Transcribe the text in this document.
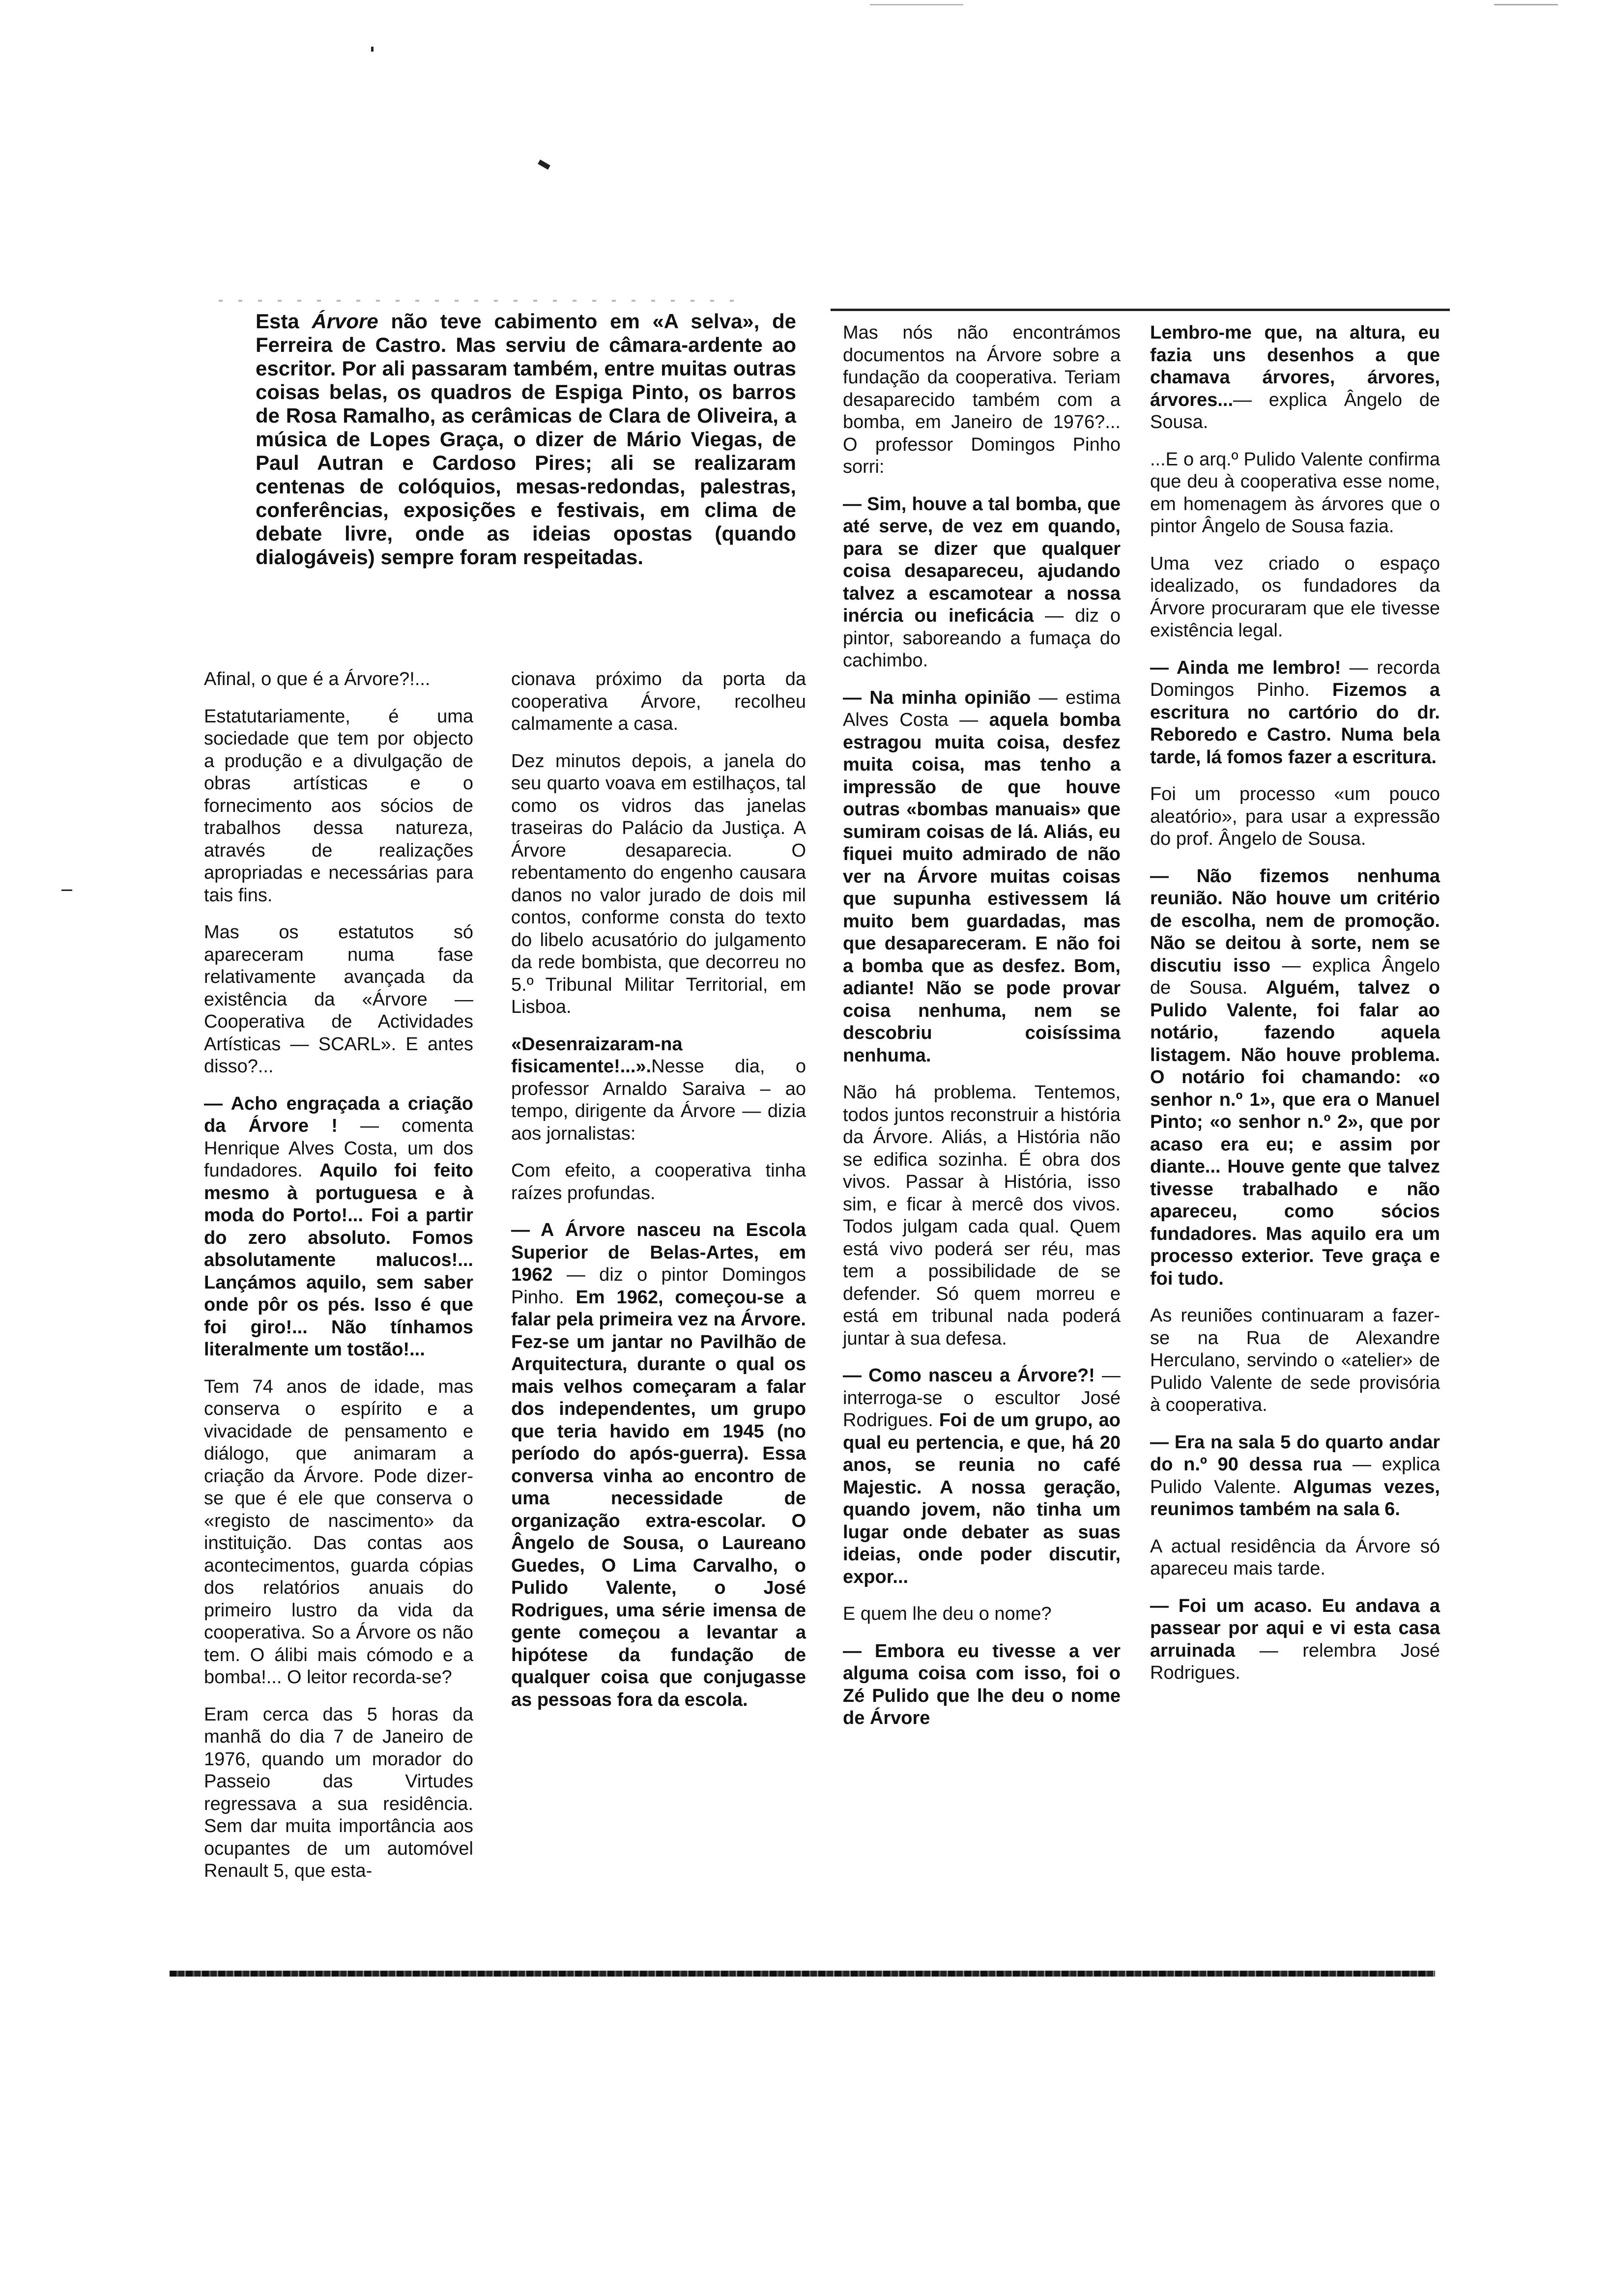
Esta Árvore não teve cabimento em «A selva», de Ferreira de Castro. Mas serviu de câmara-ardente ao escritor. Por ali passaram também, entre muitas outras coisas belas, os quadros de Espiga Pinto, os barros de Rosa Ramalho, as cerâmicas de Clara de Oliveira, a música de Lopes Graça, o dizer de Mário Viegas, de Paul Autran e Cardoso Pires; ali se realizaram centenas de colóquios, mesas-redondas, palestras, conferências, exposições e festivais, em clima de debate livre, onde as ideias opostas (quando dialogáveis) sempre foram respeitadas.

Afinal, o que é a Árvore?!...

Estatutariamente, é uma sociedade que tem por objecto a produção e a divulgação de obras artísticas e o fornecimento aos sócios de trabalhos dessa natureza, através de realizações apropriadas e necessárias para tais fins.

Mas os estatutos só apareceram numa fase relativamente avançada da existência da «Árvore — Cooperativa de Actividades Artísticas — SCARL». E antes disso?...

— Acho engraçada a criação da Árvore ! — comenta Henrique Alves Costa, um dos fundadores. Aquilo foi feito mesmo à portuguesa e à moda do Porto!... Foi a partir do zero absoluto. Fomos absolutamente malucos!... Lançámos aquilo, sem saber onde pôr os pés. Isso é que foi giro!... Não tínhamos literalmente um tostão!...

Tem 74 anos de idade, mas conserva o espírito e a vivacidade de pensamento e diálogo, que animaram a criação da Árvore. Pode dizer-se que é ele que conserva o «registo de nascimento» da instituição. Das contas aos acontecimentos, guarda cópias dos relatórios anuais do primeiro lustro da vida da cooperativa. So a Árvore os não tem. O álibi mais cómodo e a bomba!... O leitor recorda-se?

Eram cerca das 5 horas da manhã do dia 7 de Janeiro de 1976, quando um morador do Passeio das Virtudes regressava a sua residência. Sem dar muita importância aos ocupantes de um automóvel Renault 5, que esta-

cionava próximo da porta da cooperativa Árvore, recolheu calmamente a casa.

Dez minutos depois, a janela do seu quarto voava em estilhaços, tal como os vidros das janelas traseiras do Palácio da Justiça. A Árvore desaparecia. O rebentamento do engenho causara danos no valor jurado de dois mil contos, conforme consta do texto do libelo acusatório do julgamento da rede bombista, que decorreu no 5.º Tribunal Militar Territorial, em Lisboa.

«Desenraizaram-na fisicamente!...».Nesse dia, o professor Arnaldo Saraiva – ao tempo, dirigente da Árvore — dizia aos jornalistas:

Com efeito, a cooperativa tinha raízes profundas.

— A Árvore nasceu na Escola Superior de Belas-Artes, em 1962 — diz o pintor Domingos Pinho. Em 1962, começou-se a falar pela primeira vez na Árvore. Fez-se um jantar no Pavilhão de Arquitectura, durante o qual os mais velhos começaram a falar dos independentes, um grupo que teria havido em 1945 (no período do após-guerra). Essa conversa vinha ao encontro de uma necessidade de organização extra-escolar. O Ângelo de Sousa, o Laureano Guedes, O Lima Carvalho, o Pulido Valente, o José Rodrigues, uma série imensa de gente começou a levantar a hipótese da fundação de qualquer coisa que conjugasse as pessoas fora da escola.

Mas nós não encontrámos documentos na Árvore sobre a fundação da cooperativa. Teriam desaparecido também com a bomba, em Janeiro de 1976?... O professor Domingos Pinho sorri:

— Sim, houve a tal bomba, que até serve, de vez em quando, para se dizer que qualquer coisa desapareceu, ajudando talvez a escamotear a nossa inércia ou ineficácia — diz o pintor, saboreando a fumaça do cachimbo.

— Na minha opinião — estima Alves Costa — aquela bomba estragou muita coisa, desfez muita coisa, mas tenho a impressão de que houve outras «bombas manuais» que sumiram coisas de lá. Aliás, eu fiquei muito admirado de não ver na Árvore muitas coisas que supunha estivessem lá muito bem guardadas, mas que desapareceram. E não foi a bomba que as desfez. Bom, adiante! Não se pode provar coisa nenhuma, nem se descobriu coisíssima nenhuma.

Não há problema. Tentemos, todos juntos reconstruir a história da Árvore. Aliás, a História não se edifica sozinha. É obra dos vivos. Passar à História, isso sim, e ficar à mercê dos vivos. Todos julgam cada qual. Quem está vivo poderá ser réu, mas tem a possibilidade de se defender. Só quem morreu e está em tribunal nada poderá juntar à sua defesa.

— Como nasceu a Árvore?! — interroga-se o escultor José Rodrigues. Foi de um grupo, ao qual eu pertencia, e que, há 20 anos, se reunia no café Majestic. A nossa geração, quando jovem, não tinha um lugar onde debater as suas ideias, onde poder discutir, expor...

E quem lhe deu o nome?

— Embora eu tivesse a ver alguma coisa com isso, foi o Zé Pulido que lhe deu o nome de Árvore

Lembro-me que, na altura, eu fazia uns desenhos a que chamava árvores, árvores, árvores...— explica Ângelo de Sousa.

...E o arq.º Pulido Valente confirma que deu à cooperativa esse nome, em homenagem às árvores que o pintor Ângelo de Sousa fazia.

Uma vez criado o espaço idealizado, os fundadores da Árvore procuraram que ele tivesse existência legal.

— Ainda me lembro! — recorda Domingos Pinho. Fizemos a escritura no cartório do dr. Reboredo e Castro. Numa bela tarde, lá fomos fazer a escritura.

Foi um processo «um pouco aleatório», para usar a expressão do prof. Ângelo de Sousa.

— Não fizemos nenhuma reunião. Não houve um critério de escolha, nem de promoção. Não se deitou à sorte, nem se discutiu isso — explica Ângelo de Sousa. Alguém, talvez o Pulido Valente, foi falar ao notário, fazendo aquela listagem. Não houve problema. O notário foi chamando: «o senhor n.º 1», que era o Manuel Pinto; «o senhor n.º 2», que por acaso era eu; e assim por diante... Houve gente que talvez tivesse trabalhado e não apareceu, como sócios fundadores. Mas aquilo era um processo exterior. Teve graça e foi tudo.

As reuniões continuaram a fazer-se na Rua de Alexandre Herculano, servindo o «atelier» de Pulido Valente de sede provisória à cooperativa.

— Era na sala 5 do quarto andar do n.º 90 dessa rua — explica Pulido Valente. Algumas vezes, reunimos também na sala 6.

A actual residência da Árvore só apareceu mais tarde.

— Foi um acaso. Eu andava a passear por aqui e vi esta casa arruinada — relembra José Rodrigues.
